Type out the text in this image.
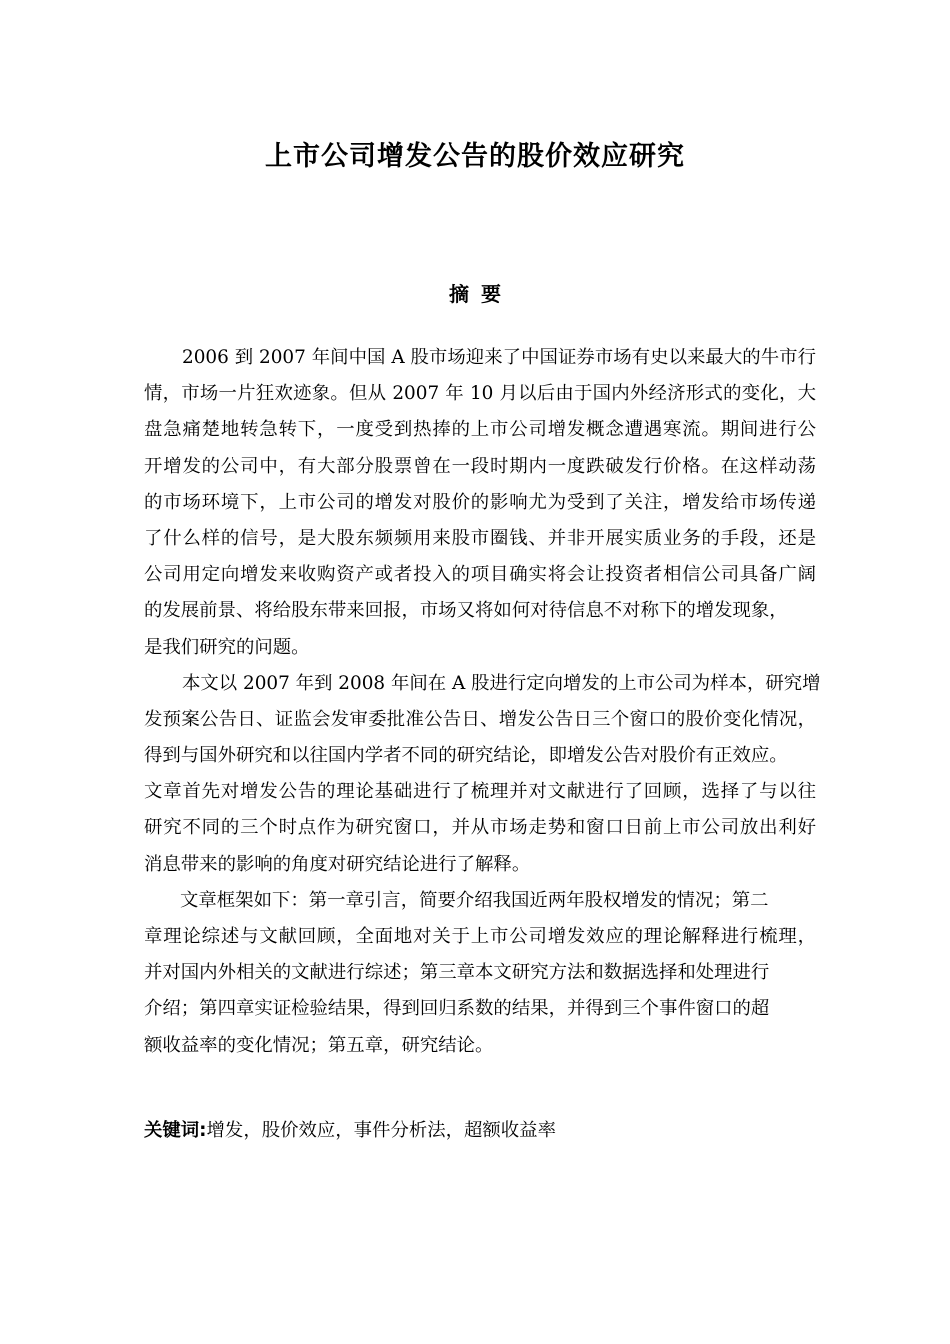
上市公司增发公告的股价效应研究
摘 要
2006 到 2007 年间中国 A 股市场迎来了中国证券市场有史以来最大的牛市行
情，市场一片狂欢迹象。但从 2007 年 10 月以后由于国内外经济形式的变化，大
盘急痛楚地转急转下，一度受到热捧的上市公司增发概念遭遇寒流。期间进行公
开增发的公司中，有大部分股票曾在一段时期内一度跌破发行价格。在这样动荡
的市场环境下，上市公司的增发对股价的影响尤为受到了关注，增发给市场传递
了什么样的信号，是大股东频频用来股市圈钱、并非开展实质业务的手段，还是
公司用定向增发来收购资产或者投入的项目确实将会让投资者相信公司具备广阔
的发展前景、将给股东带来回报，市场又将如何对待信息不对称下的增发现象，
是我们研究的问题。
本文以 2007 年到 2008 年间在 A 股进行定向增发的上市公司为样本，研究增
发预案公告日、证监会发审委批准公告日、增发公告日三个窗口的股价变化情况，
得到与国外研究和以往国内学者不同的研究结论，即增发公告对股价有正效应。
文章首先对增发公告的理论基础进行了梳理并对文献进行了回顾，选择了与以往
研究不同的三个时点作为研究窗口，并从市场走势和窗口日前上市公司放出利好
消息带来的影响的角度对研究结论进行了解释。
文章框架如下：第一章引言，简要介绍我国近两年股权增发的情况；第二
章理论综述与文献回顾，全面地对关于上市公司增发效应的理论解释进行梳理，
并对国内外相关的文献进行综述；第三章本文研究方法和数据选择和处理进行
介绍；第四章实证检验结果，得到回归系数的结果，并得到三个事件窗口的超
额收益率的变化情况；第五章，研究结论。
关键词:增发，股价效应，事件分析法，超额收益率
